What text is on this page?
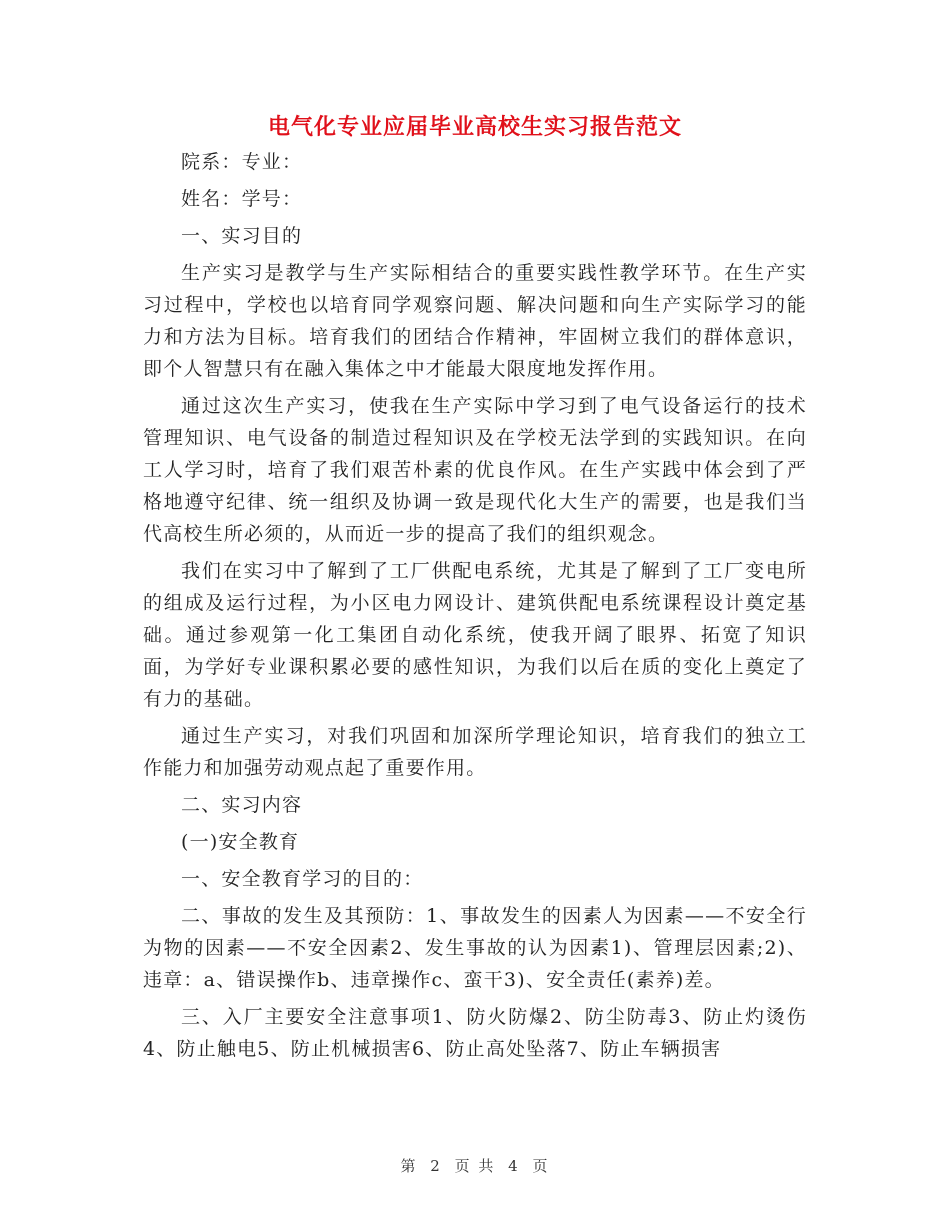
电气化专业应届毕业高校生实习报告范文

院系：专业：

姓名：学号：

一、实习目的

生产实习是教学与生产实际相结合的重要实践性教学环节。在生产实习过程中，学校也以培育同学观察问题、解决问题和向生产实际学习的能力和方法为目标。培育我们的团结合作精神，牢固树立我们的群体意识，即个人智慧只有在融入集体之中才能最大限度地发挥作用。

通过这次生产实习，使我在生产实际中学习到了电气设备运行的技术管理知识、电气设备的制造过程知识及在学校无法学到的实践知识。在向工人学习时，培育了我们艰苦朴素的优良作风。在生产实践中体会到了严格地遵守纪律、统一组织及协调一致是现代化大生产的需要，也是我们当代高校生所必须的，从而近一步的提高了我们的组织观念。

我们在实习中了解到了工厂供配电系统，尤其是了解到了工厂变电所的组成及运行过程，为小区电力网设计、建筑供配电系统课程设计奠定基础。通过参观第一化工集团自动化系统，使我开阔了眼界、拓宽了知识面，为学好专业课积累必要的感性知识，为我们以后在质的变化上奠定了有力的基础。

通过生产实习，对我们巩固和加深所学理论知识，培育我们的独立工作能力和加强劳动观点起了重要作用。

二、实习内容

(一)安全教育

一、安全教育学习的目的：

二、事故的发生及其预防：1、事故发生的因素人为因素——不安全行为物的因素——不安全因素2、发生事故的认为因素1)、管理层因素;2)、违章：a、错误操作b、违章操作c、蛮干3)、安全责任(素养)差。

三、入厂主要安全注意事项1、防火防爆2、防尘防毒3、防止灼烫伤4、防止触电5、防止机械损害6、防止高处坠落7、防止车辆损害

第 2 页 共 4 页
